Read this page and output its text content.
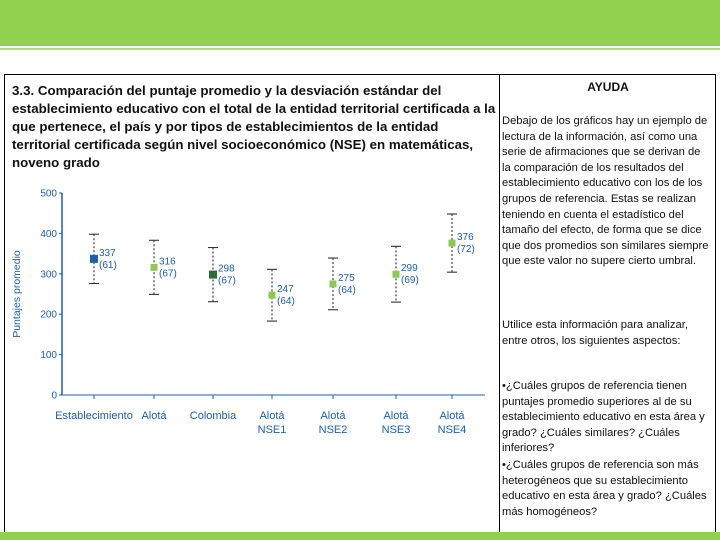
3.3. Comparación del puntaje promedio y la desviación estándar del establecimiento educativo con el total de la entidad territorial certificada a la que pertenece, el país y por tipos de establecimientos de la entidad territorial certificada según nivel socioeconómico (NSE) en matemáticas, noveno grado
AYUDA
Debajo de los gráficos hay un ejemplo de lectura de la información, así como una serie de afirmaciones que se derivan de la comparación de los resultados del establecimiento educativo con los de los grupos de referencia. Estas se realizan teniendo en cuenta el estadístico del tamaño del efecto, de forma que se dice que dos promedios son similares siempre que este valor no supere cierto umbral.
Utilice esta información para analizar, entre otros, los siguientes aspectos:
•¿Cuáles grupos de referencia tienen puntajes promedio superiores al de su establecimiento educativo en esta área y grado? ¿Cuáles similares? ¿Cuáles inferiores?
•¿Cuáles grupos de referencia son más heterogéneos que su establecimiento educativo en esta área y grado? ¿Cuáles más homogéneos?
0
100
200
300
400
500
Puntajes promedio	337
(61)
Establecimiento
316
(67)
Alotá
298
(67)
Colombia
247
(64)
Alotá
NSE1
275
(64)
Alotá
NSE2
299
(69)
Alotá
NSE3
376
(72)
Alotá
NSE4
